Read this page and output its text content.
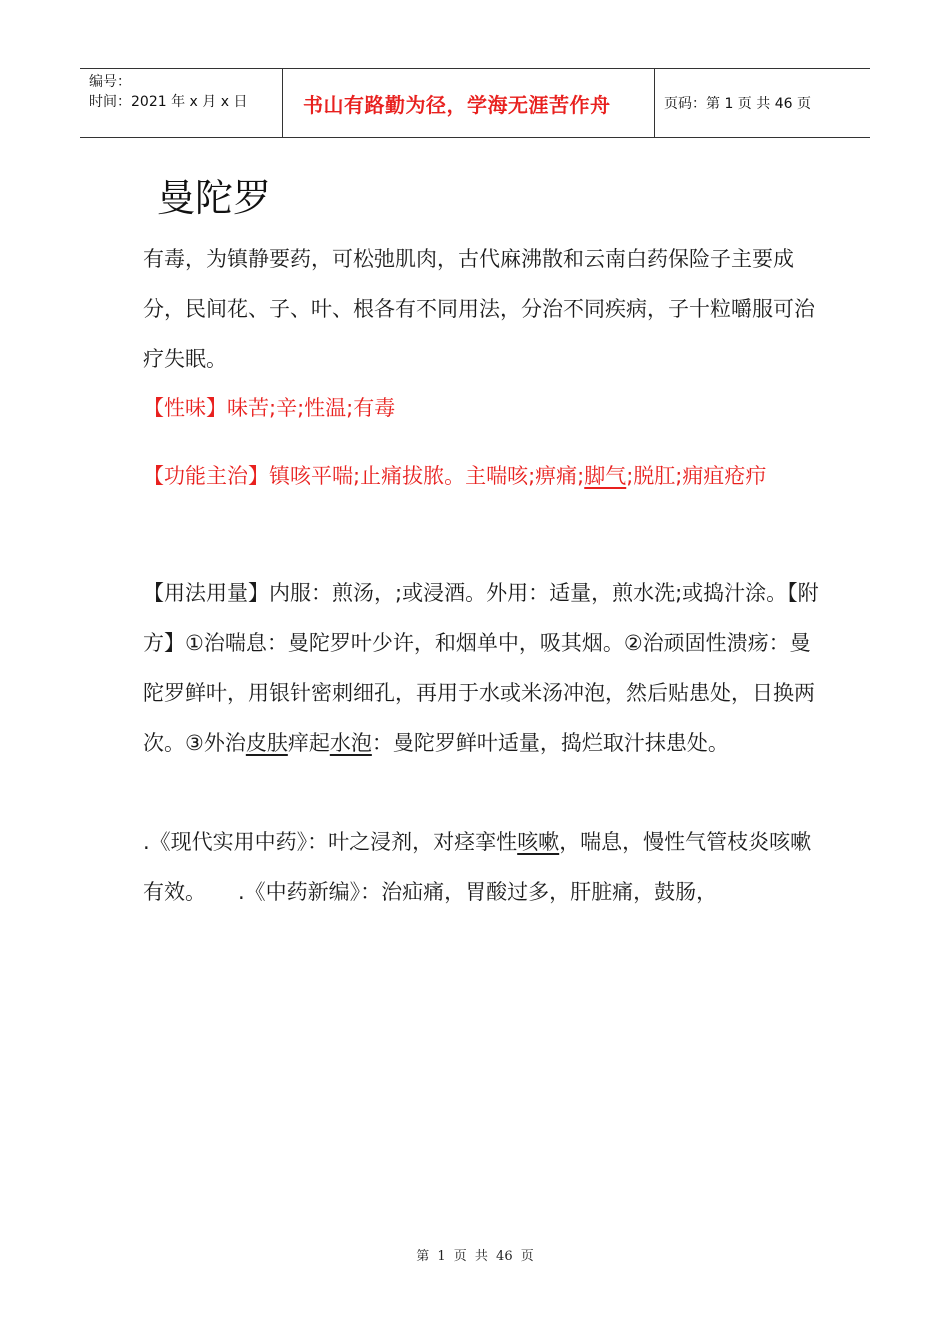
编号：
时间：2021 年 x 月 x 日	书山有路勤为径，学海无涯苦作舟	页码：第 1 页 共 46 页
曼陀罗

有毒，为镇静要药，可松弛肌肉，古代麻沸散和云南白药保险子主要成分，民间花、子、叶、根各有不同用法，分治不同疾病，子十粒嚼服可治疗失眠。

【性味】味苦;辛;性温;有毒

【功能主治】镇咳平喘;止痛拔脓。主喘咳;痹痛;脚气;脱肛;痈疽疮疖

【用法用量】内服：煎汤，;或浸酒。外用：适量，煎水洗;或捣汁涂。【附方】①治喘息：曼陀罗叶少许，和烟单中，吸其烟。②治顽固性溃疡：曼陀罗鲜叶，用银针密刺细孔，再用于水或米汤冲泡，然后贴患处，日换两次。③外治皮肤痒起水泡：曼陀罗鲜叶适量，捣烂取汁抹患处。

.《现代实用中药》：叶之浸剂，对痉挛性咳嗽，喘息，慢性气管枝炎咳嗽有效。 .《中药新编》：治疝痛，胃酸过多，肝脏痛，鼓肠，

第 1 页 共 46 页
